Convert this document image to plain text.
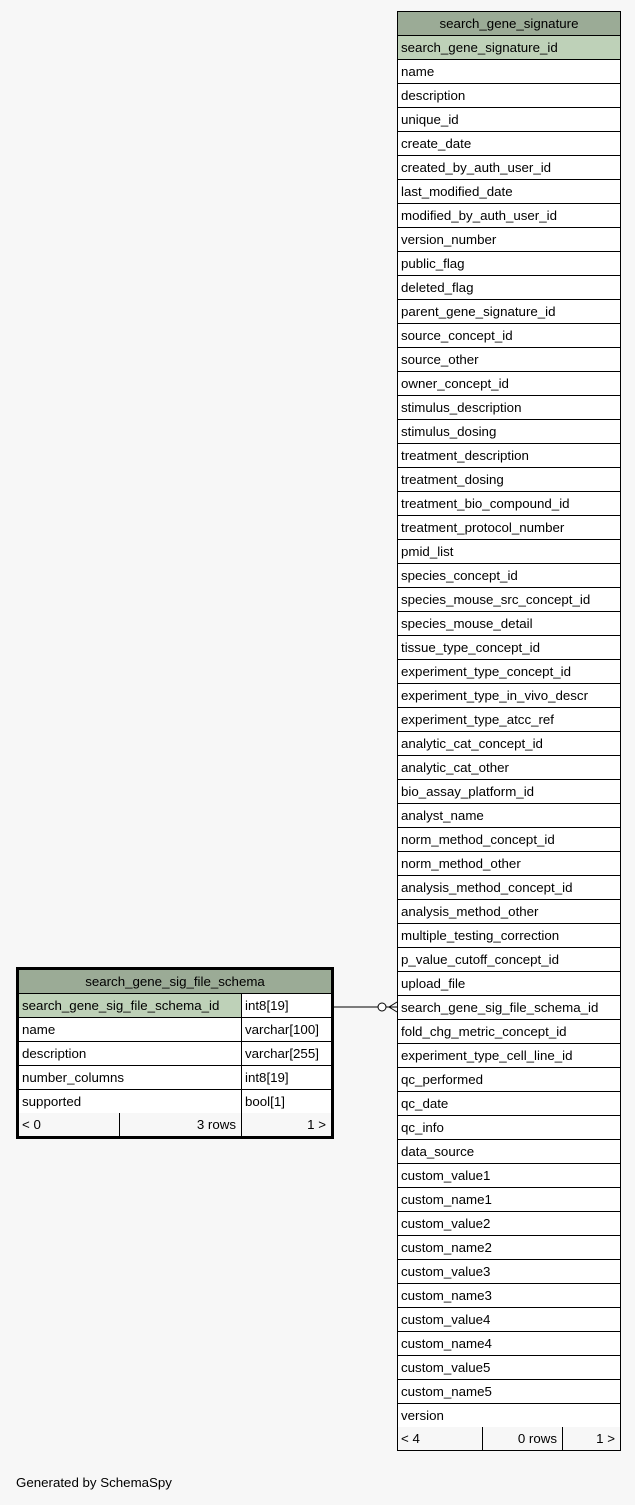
search_gene_signature
search_gene_signature_id
name
description
unique_id
create_date
created_by_auth_user_id
last_modified_date
modified_by_auth_user_id
version_number
public_flag
deleted_flag
parent_gene_signature_id
source_concept_id
source_other
owner_concept_id
stimulus_description
stimulus_dosing
treatment_description
treatment_dosing
treatment_bio_compound_id
treatment_protocol_number
pmid_list
species_concept_id
species_mouse_src_concept_id
species_mouse_detail
tissue_type_concept_id
experiment_type_concept_id
experiment_type_in_vivo_descr
experiment_type_atcc_ref
analytic_cat_concept_id
analytic_cat_other
bio_assay_platform_id
analyst_name
norm_method_concept_id
norm_method_other
analysis_method_concept_id
analysis_method_other
multiple_testing_correction
p_value_cutoff_concept_id
upload_file
search_gene_sig_file_schema_id
fold_chg_metric_concept_id
experiment_type_cell_line_id
qc_performed
qc_date
qc_info
data_source
custom_value1
custom_name1
custom_value2
custom_name2
custom_value3
custom_name3
custom_value4
custom_name4
custom_value5
custom_name5
version
< 4	0 rows	1 >
search_gene_sig_file_schema
search_gene_sig_file_schema_id	int8[19]
name	varchar[100]
description	varchar[255]
number_columns	int8[19]
supported	bool[1]
< 0	3 rows	1 >
Generated by SchemaSpy
